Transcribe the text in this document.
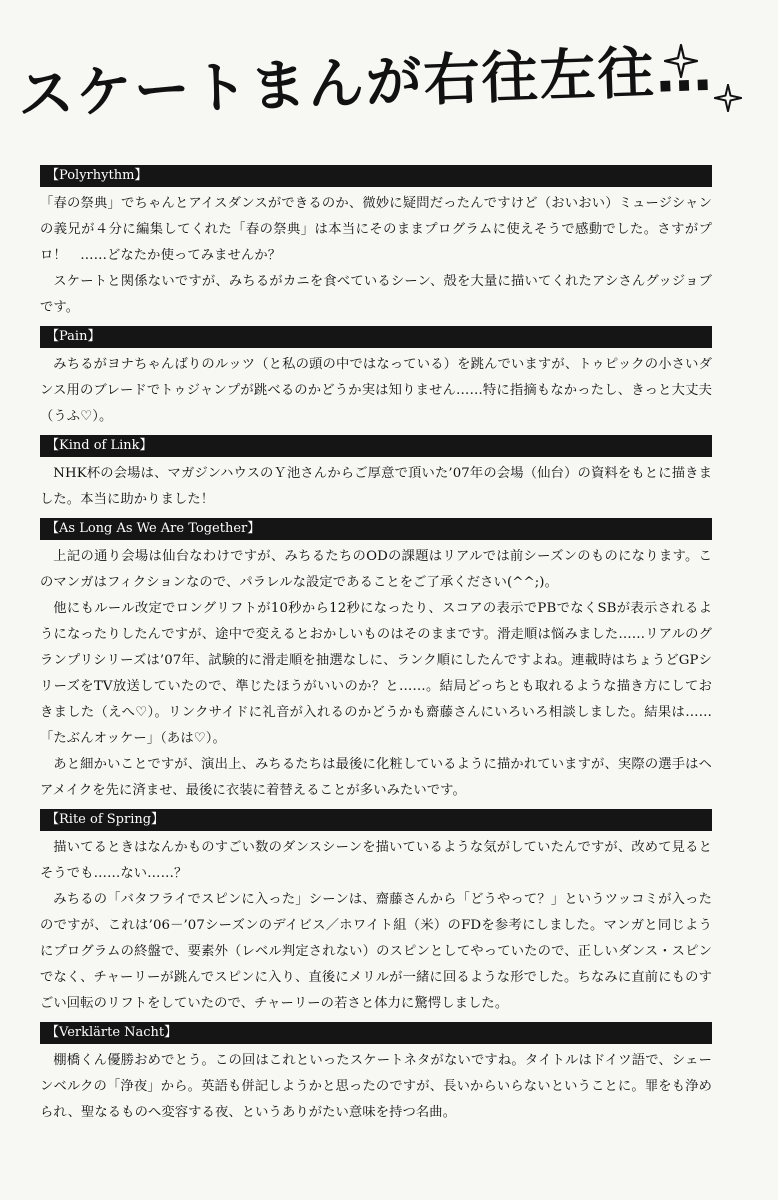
スケートまんが右往左往…
【Polyrhythm】

「春の祭典」でちゃんとアイスダンスができるのか、微妙に疑問だったんですけど（おいおい）ミュージシャンの義兄が４分に編集してくれた「春の祭典」は本当にそのままプログラムに使えそうで感動でした。さすがプロ！　……どなたか使ってみませんか？

スケートと関係ないですが、みちるがカニを食べているシーン、殻を大量に描いてくれたアシさんグッジョブです。

【Pain】

みちるがヨナちゃんばりのルッツ（と私の頭の中ではなっている）を跳んでいますが、トゥピックの小さいダンス用のブレードでトゥジャンプが跳べるのかどうか実は知りません……特に指摘もなかったし、きっと大丈夫（うふ♡）。

【Kind of Link】

NHK杯の会場は、マガジンハウスのＹ池さんからご厚意で頂いた’07年の会場（仙台）の資料をもとに描きました。本当に助かりました！

【As Long As We Are Together】

上記の通り会場は仙台なわけですが、みちるたちのODの課題はリアルでは前シーズンのものになります。このマンガはフィクションなので、パラレルな設定であることをご了承ください(^^;)。

他にもルール改定でロングリフトが10秒から12秒になったり、スコアの表示でPBでなくSBが表示されるようになったりしたんですが、途中で変えるとおかしいものはそのままです。滑走順は悩みました……リアルのグランプリシリーズは’07年、試験的に滑走順を抽選なしに、ランク順にしたんですよね。連載時はちょうどGPシリーズをTV放送していたので、準じたほうがいいのか？と……。結局どっちとも取れるような描き方にしておきました（えへ♡）。リンクサイドに礼音が入れるのかどうかも齋藤さんにいろいろ相談しました。結果は……「たぶんオッケー」（あは♡）。

あと細かいことですが、演出上、みちるたちは最後に化粧しているように描かれていますが、実際の選手はヘアメイクを先に済ませ、最後に衣装に着替えることが多いみたいです。

【Rite of Spring】

描いてるときはなんかものすごい数のダンスシーンを描いているような気がしていたんですが、改めて見るとそうでも……ない……？

みちるの「バタフライでスピンに入った」シーンは、齋藤さんから「どうやって？」というツッコミが入ったのですが、これは’06－’07シーズンのデイビス／ホワイト組（米）のFDを参考にしました。マンガと同じようにプログラムの終盤で、要素外（レベル判定されない）のスピンとしてやっていたので、正しいダンス・スピンでなく、チャーリーが跳んでスピンに入り、直後にメリルが一緒に回るような形でした。ちなみに直前にものすごい回転のリフトをしていたので、チャーリーの若さと体力に驚愕しました。

【Verklärte Nacht】

棚橋くん優勝おめでとう。この回はこれといったスケートネタがないですね。タイトルはドイツ語で、シェーンベルクの「浄夜」から。英語も併記しようかと思ったのですが、長いからいらないということに。罪をも浄められ、聖なるものへ変容する夜、というありがたい意味を持つ名曲。
